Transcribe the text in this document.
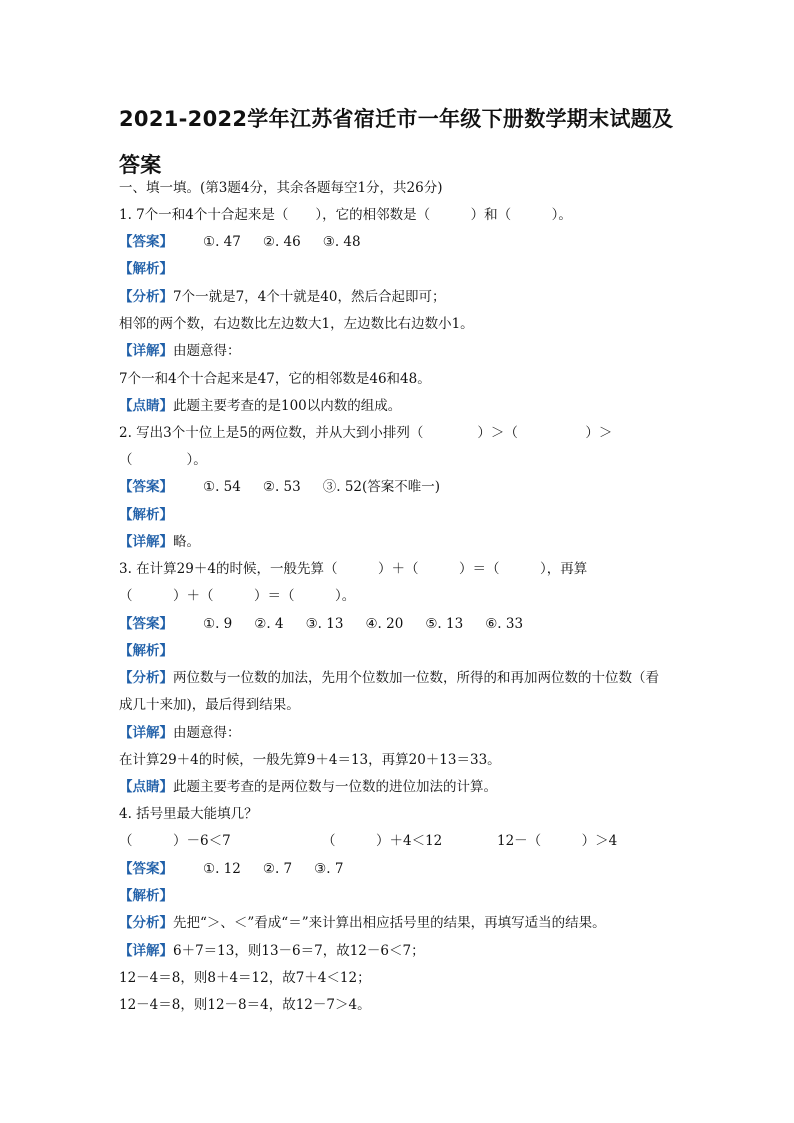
2021-2022学年江苏省宿迁市一年级下册数学期末试题及答案
一、填一填。(第3题4分，其余各题每空1分，共26分)
1. 7个一和4个十合起来是（　　），它的相邻数是（　　　）和（　　　）。
【答案】 ①. 47 ②. 46 ③. 48
【解析】
【分析】7个一就是7，4个十就是40，然后合起即可；
相邻的两个数，右边数比左边数大1，左边数比右边数小1。
【详解】由题意得：
7个一和4个十合起来是47，它的相邻数是46和48。
【点睛】此题主要考查的是100以内数的组成。
2. 写出3个十位上是5的两位数，并从大到小排列（　　　　）＞（　　　　　）＞
（　　　　）。
【答案】 ①. 54 ②. 53 ③. 52(答案不唯一)
【解析】
【详解】略。
3. 在计算29＋4的时候，一般先算（　　　）＋（　　　）＝（　　　），再算
（　　　）＋（　　　）＝（　　　）。
【答案】 ①. 9 ②. 4 ③. 13 ④. 20 ⑤. 13 ⑥. 33
【解析】
【分析】两位数与一位数的加法，先用个位数加一位数，所得的和再加两位数的十位数（看
成几十来加)，最后得到结果。
【详解】由题意得：
在计算29＋4的时候，一般先算9＋4＝13，再算20＋13＝33。
【点睛】此题主要考查的是两位数与一位数的进位加法的计算。
4. 括号里最大能填几？
（　　　）－6＜7	（　　　）＋4＜12	12－（　　　）＞4
【答案】 ①. 12 ②. 7 ③. 7
【解析】
【分析】先把“＞、＜”看成“＝”来计算出相应括号里的结果，再填写适当的结果。
【详解】6＋7＝13，则13－6＝7，故12－6＜7；
12－4＝8，则8＋4＝12，故7＋4＜12；
12－4＝8，则12－8＝4，故12－7＞4。
